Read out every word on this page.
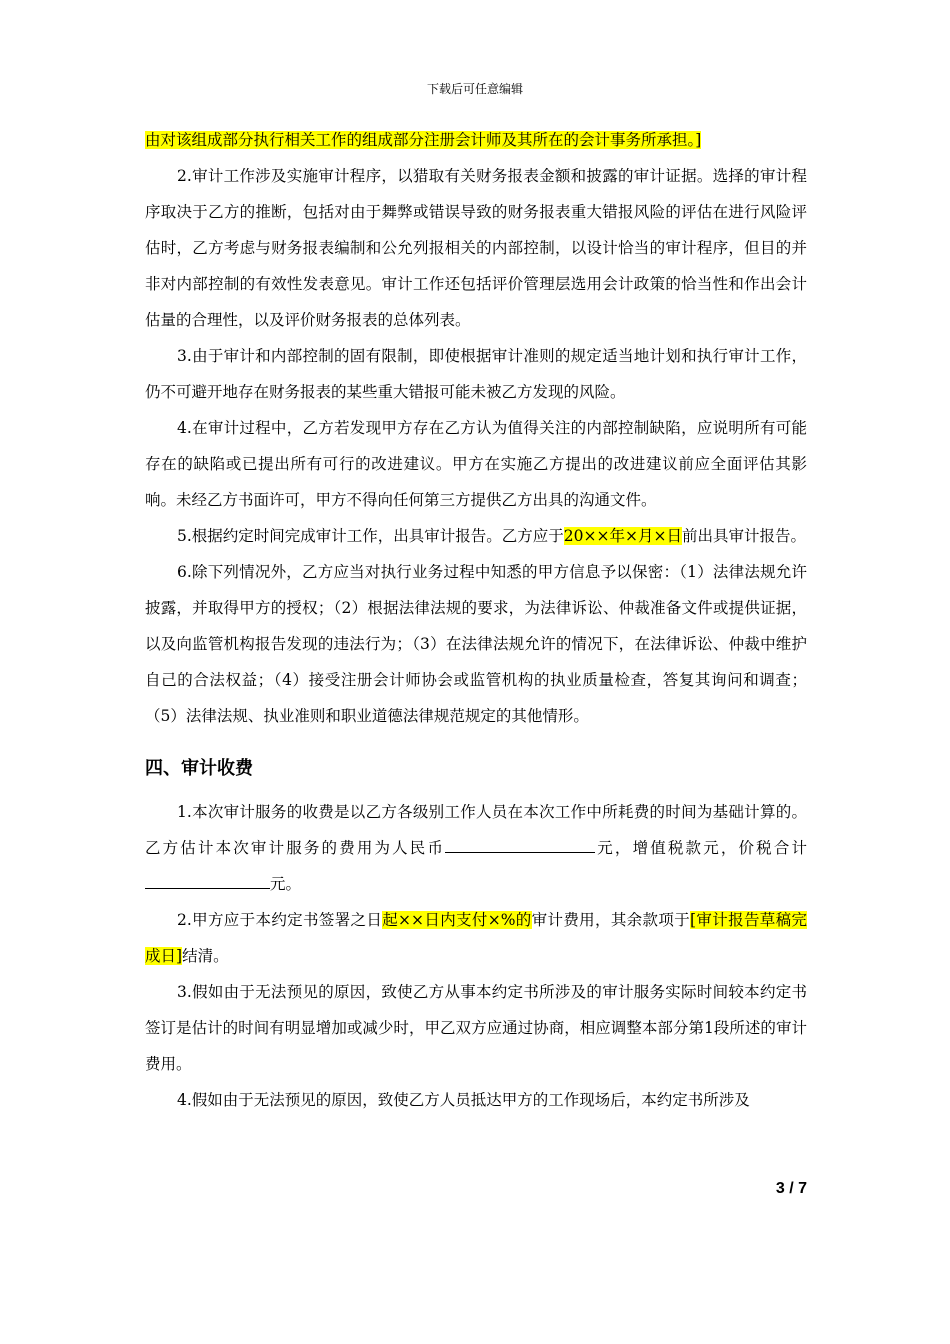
下载后可任意编辑

由对该组成部分执行相关工作的组成部分注册会计师及其所在的会计事务所承担。]

2.审计工作涉及实施审计程序，以猎取有关财务报表金额和披露的审计证据。选择的审计程序取决于乙方的推断，包括对由于舞弊或错误导致的财务报表重大错报风险的评估在进行风险评估时，乙方考虑与财务报表编制和公允列报相关的内部控制，以设计恰当的审计程序，但目的并非对内部控制的有效性发表意见。审计工作还包括评价管理层选用会计政策的恰当性和作出会计估量的合理性，以及评价财务报表的总体列表。

3.由于审计和内部控制的固有限制，即使根据审计准则的规定适当地计划和执行审计工作，仍不可避开地存在财务报表的某些重大错报可能未被乙方发现的风险。

4.在审计过程中，乙方若发现甲方存在乙方认为值得关注的内部控制缺陷，应说明所有可能存在的缺陷或已提出所有可行的改进建议。甲方在实施乙方提出的改进建议前应全面评估其影响。未经乙方书面许可，甲方不得向任何第三方提供乙方出具的沟通文件。

5.根据约定时间完成审计工作，出具审计报告。乙方应于20××年×月×日前出具审计报告。

6.除下列情况外，乙方应当对执行业务过程中知悉的甲方信息予以保密：（1）法律法规允许披露，并取得甲方的授权；（2）根据法律法规的要求，为法律诉讼、仲裁准备文件或提供证据，以及向监管机构报告发现的违法行为；（3）在法律法规允许的情况下，在法律诉讼、仲裁中维护自己的合法权益；（4）接受注册会计师协会或监管机构的执业质量检查，答复其询问和调查；（5）法律法规、执业准则和职业道德法律规范规定的其他情形。

四、审计收费

1.本次审计服务的收费是以乙方各级别工作人员在本次工作中所耗费的时间为基础计算的。乙方估计本次审计服务的费用为人民币	元，增值税款元，价税合计元。

2.甲方应于本约定书签署之日起××日内支付×%的审计费用，其余款项于[审计报告草稿完成日]结清。

3.假如由于无法预见的原因，致使乙方从事本约定书所涉及的审计服务实际时间较本约定书签订是估计的时间有明显增加或减少时，甲乙双方应通过协商，相应调整本部分第1段所述的审计费用。

4.假如由于无法预见的原因，致使乙方人员抵达甲方的工作现场后，本约定书所涉及

3 / 7
